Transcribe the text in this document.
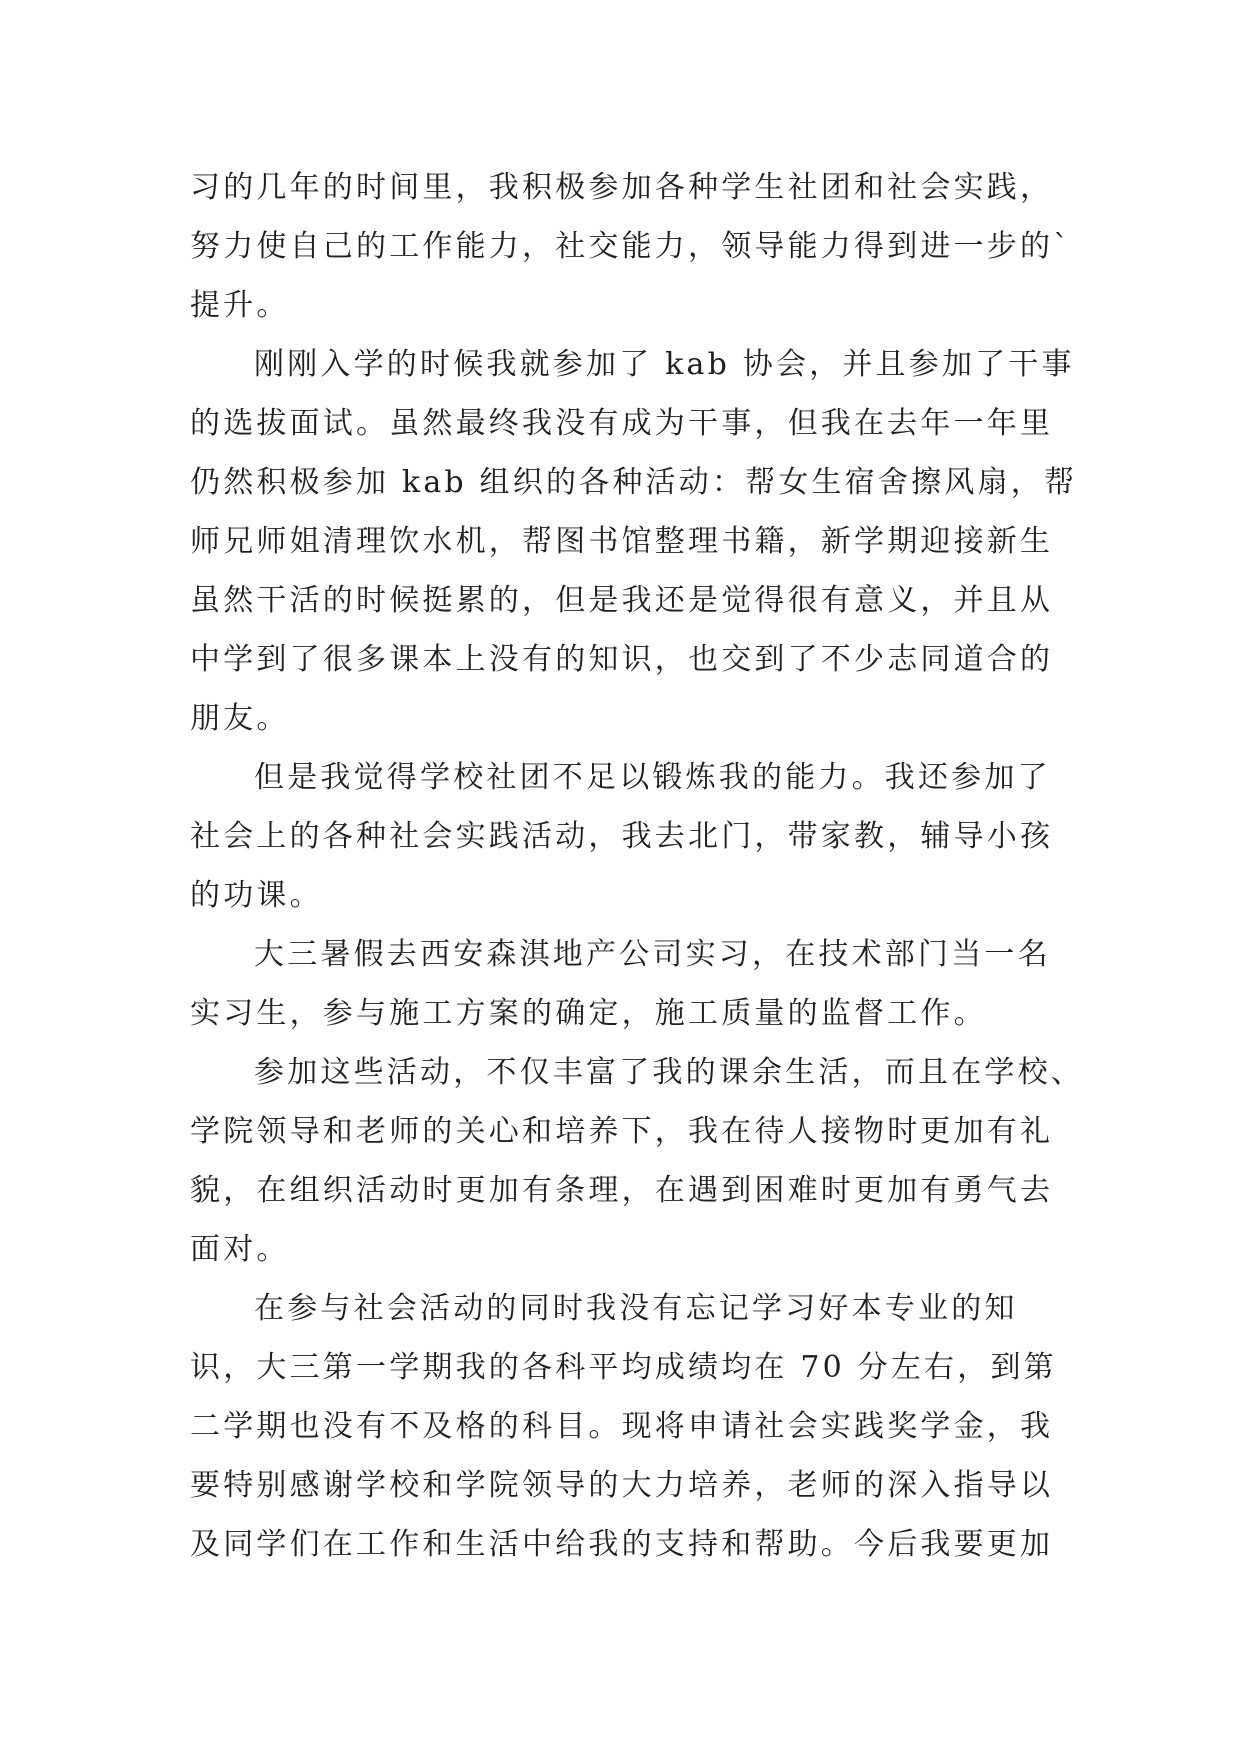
习的几年的时间里，我积极参加各种学生社团和社会实践，
努力使自己的工作能力，社交能力，领导能力得到进一步的`
提升。
刚刚入学的时候我就参加了 kab 协会，并且参加了干事
的选拔面试。虽然最终我没有成为干事，但我在去年一年里
仍然积极参加 kab 组织的各种活动：帮女生宿舍擦风扇，帮
师兄师姐清理饮水机，帮图书馆整理书籍，新学期迎接新生
虽然干活的时候挺累的，但是我还是觉得很有意义，并且从
中学到了很多课本上没有的知识，也交到了不少志同道合的
朋友。
但是我觉得学校社团不足以锻炼我的能力。我还参加了
社会上的各种社会实践活动，我去北门，带家教，辅导小孩
的功课。
大三暑假去西安森淇地产公司实习，在技术部门当一名
实习生，参与施工方案的确定，施工质量的监督工作。
参加这些活动，不仅丰富了我的课余生活，而且在学校、
学院领导和老师的关心和培养下，我在待人接物时更加有礼
貌，在组织活动时更加有条理，在遇到困难时更加有勇气去
面对。
在参与社会活动的同时我没有忘记学习好本专业的知
识，大三第一学期我的各科平均成绩均在 70 分左右，到第
二学期也没有不及格的科目。现将申请社会实践奖学金，我
要特别感谢学校和学院领导的大力培养，老师的深入指导以
及同学们在工作和生活中给我的支持和帮助。今后我要更加
